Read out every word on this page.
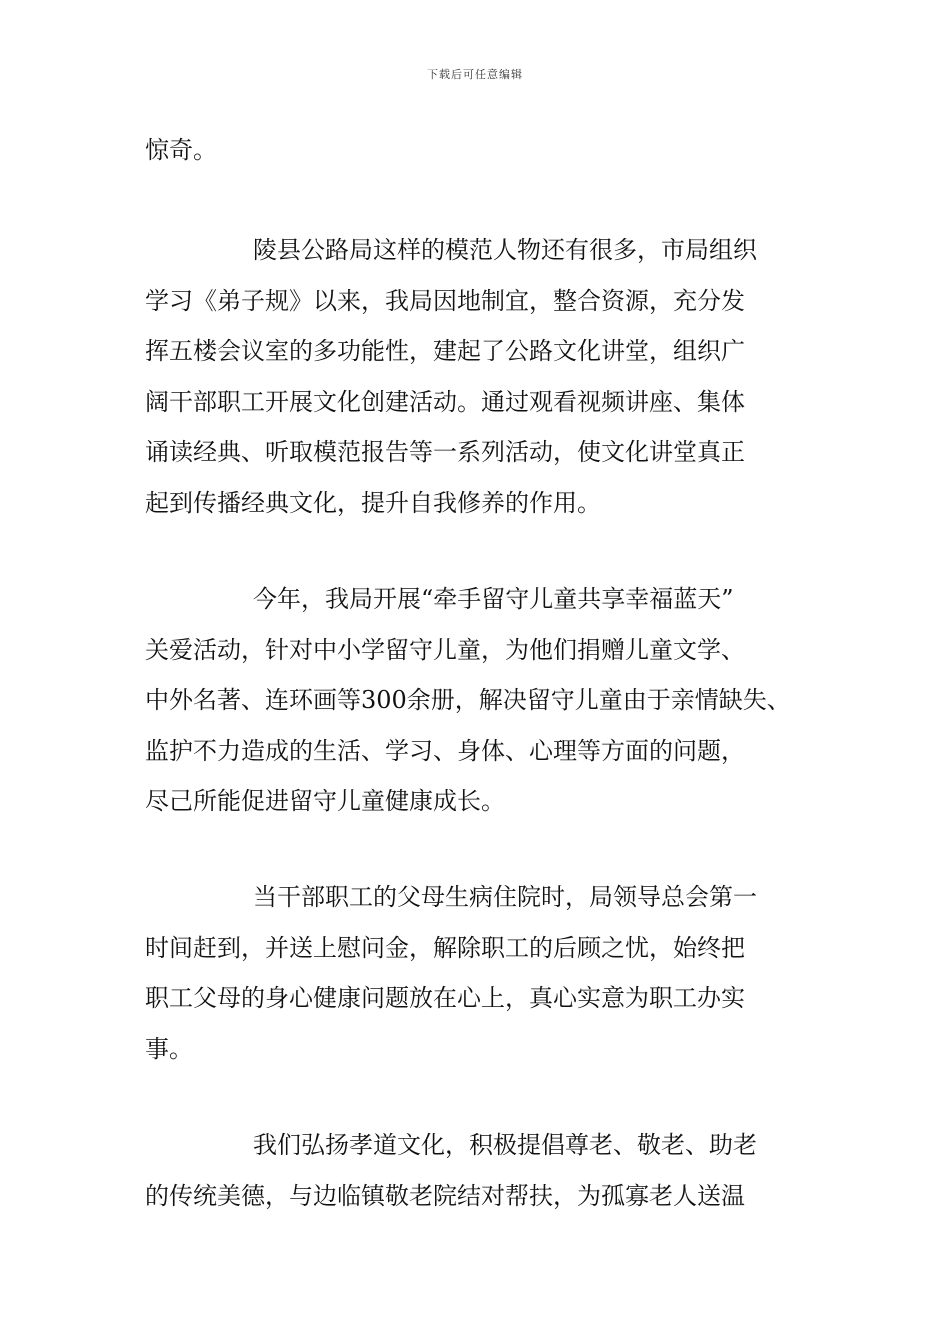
下载后可任意编辑
惊奇。
陵县公路局这样的模范人物还有很多，市局组织
学习《弟子规》以来，我局因地制宜，整合资源，充分发
挥五楼会议室的多功能性，建起了公路文化讲堂，组织广
阔干部职工开展文化创建活动。通过观看视频讲座、集体
诵读经典、听取模范报告等一系列活动，使文化讲堂真正
起到传播经典文化，提升自我修养的作用。
今年，我局开展“牵手留守儿童共享幸福蓝天”
关爱活动，针对中小学留守儿童，为他们捐赠儿童文学、
中外名著、连环画等300余册，解决留守儿童由于亲情缺失、
监护不力造成的生活、学习、身体、心理等方面的问题，
尽己所能促进留守儿童健康成长。
当干部职工的父母生病住院时，局领导总会第一
时间赶到，并送上慰问金，解除职工的后顾之忧，始终把
职工父母的身心健康问题放在心上，真心实意为职工办实
事。
我们弘扬孝道文化，积极提倡尊老、敬老、助老
的传统美德，与边临镇敬老院结对帮扶，为孤寡老人送温
